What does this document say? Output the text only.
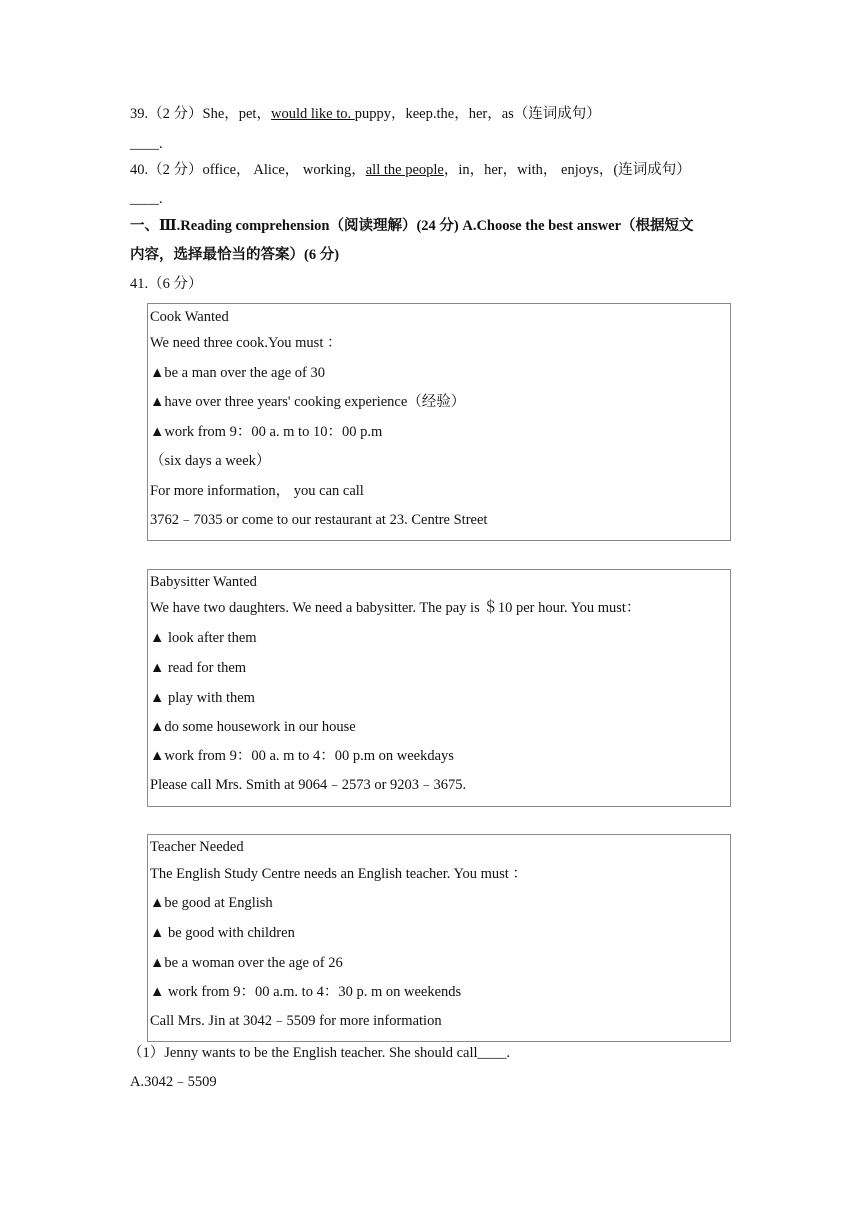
39.（2 分）She，pet，would like to. puppy，keep.the，her，as（连词成句）
____.
40.（2 分）office， Alice， working，all the people，in，her，with， enjoys，(连词成句）
____.
一、Ⅲ.Reading comprehension（阅读理解）(24 分) A.Choose the best answer（根据短文
内容，选择最恰当的答案）(6 分)
41.（6 分）
Cook Wanted
We need three cook.You must ：
▲be a man over the age of 30
▲have over three years' cooking experience（经验）
▲work from 9：00 a. m to 10：00 p.m
（six days a week）
For more information， you can call
3762﹣7035 or come to our restaurant at 23. Centre Street
Babysitter Wanted
We have two daughters. We need a babysitter. The pay is ＄10 per hour. You must：
▲ look after them
▲ read for them
▲ play with them
▲do some housework in our house
▲work from 9：00 a. m to 4：00 p.m on weekdays
Please call Mrs. Smith at 9064﹣2573 or 9203﹣3675.
Teacher Needed
The English Study Centre needs an English teacher. You must ：
▲be good at English
▲ be good with children
▲be a woman over the age of 26
▲ work from 9：00 a.m. to 4：30 p. m on weekends
Call Mrs. Jin at 3042﹣5509 for more information
（1）Jenny wants to be the English teacher. She should call____.
A.3042﹣5509
